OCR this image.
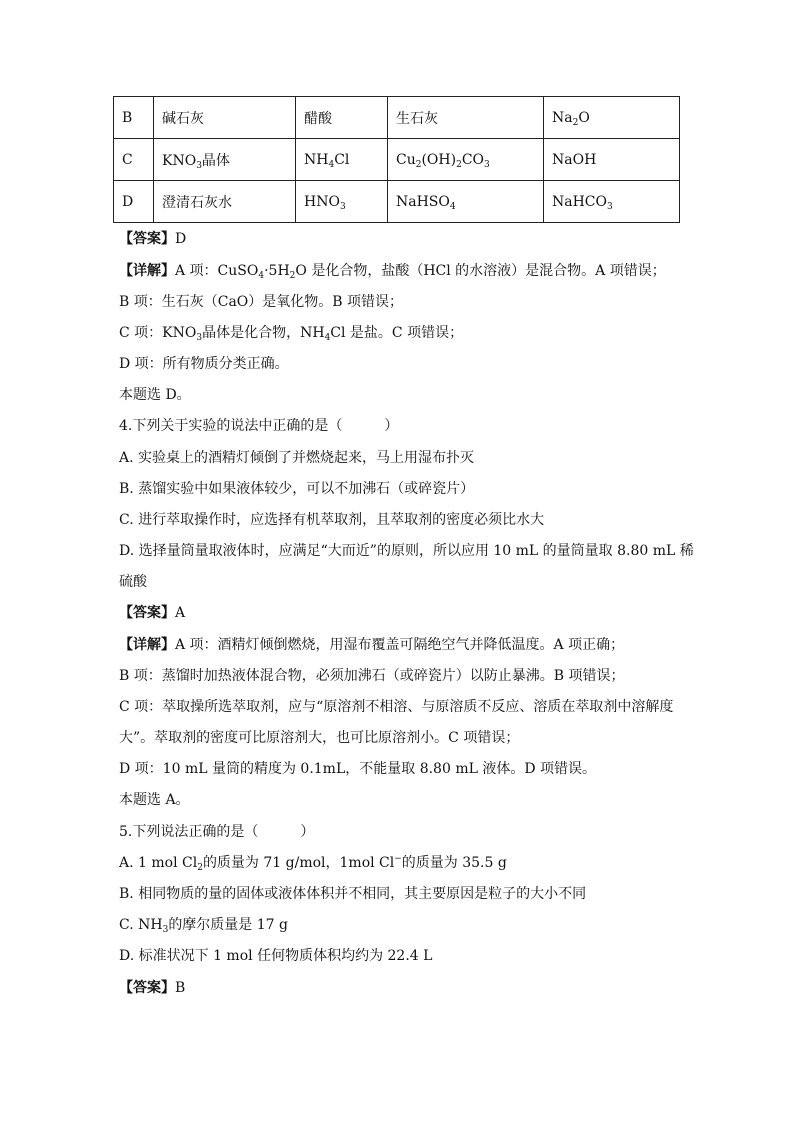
B	碱石灰	醋酸	生石灰	$Na_2O$
C	$KNO_3$晶体	$NH_4Cl$	$Cu_2(OH)_2CO_3$	NaOH
D	澄清石灰水	$HNO_3$	NaHSO$_4$	NaHCO$_3$
【答案】D
【详解】A 项：$CuSO_4\cdot 5H_2O$ 是化合物，盐酸（HCl 的水溶液）是混合物。A 项错误；
B 项：生石灰（CaO）是氧化物。B 项错误；
C 项：$KNO_3$晶体是化合物，$NH_4Cl$ 是盐。C 项错误；
D 项：所有物质分类正确。
本题选 D。
4.下列关于实验的说法中正确的是（　　　）
A. 实验桌上的酒精灯倾倒了并燃烧起来，马上用湿布扑灭
B. 蒸馏实验中如果液体较少，可以不加沸石（或碎瓷片）
C. 进行萃取操作时，应选择有机萃取剂，且萃取剂的密度必须比水大
D. 选择量筒量取液体时，应满足“大而近”的原则，所以应用 10 mL 的量筒量取 8.80 mL 稀
硫酸
【答案】A
【详解】A 项：酒精灯倾倒燃烧，用湿布覆盖可隔绝空气并降低温度。A 项正确；
B 项：蒸馏时加热液体混合物，必须加沸石（或碎瓷片）以防止暴沸。B 项错误；
C 项：萃取操所选萃取剂，应与“原溶剂不相溶、与原溶质不反应、溶质在萃取剂中溶解度
大”。萃取剂的密度可比原溶剂大，也可比原溶剂小。C 项错误；
D 项：10 mL 量筒的精度为 0.1mL，不能量取 8.80 mL 液体。D 项错误。
本题选 A。
5.下列说法正确的是（　　　）
A. 1 mol $Cl_2$的质量为 71 g/mol，1mol Cl−的质量为 35.5 g
B. 相同物质的量的固体或液体体积并不相同，其主要原因是粒子的大小不同
C. $NH_3$的摩尔质量是 17 g
D. 标准状况下 1 mol 任何物质体积均约为 22.4 L
【答案】B
